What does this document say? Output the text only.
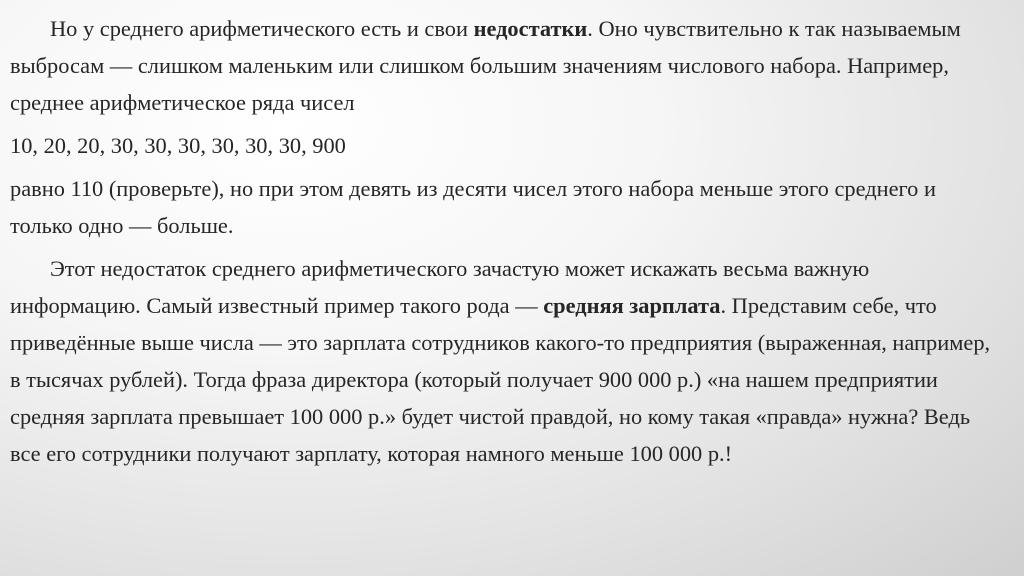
Но у среднего арифметического есть и свои недостатки. Оно чувствительно к так называемым выбросам — слишком маленьким или слишком большим значениям числового набора. Например, среднее арифметическое ряда чисел

10, 20, 20, 30, 30, 30, 30, 30, 30, 900

равно 110 (проверьте), но при этом девять из десяти чисел этого набора меньше этого среднего и только одно — больше.

Этот недостаток среднего арифметического зачастую может искажать весьма важную информацию. Самый известный пример такого рода — средняя зарплата. Представим себе, что приведённые выше числа — это зарплата сотрудников какого-то предприятия (выраженная, например, в тысячах рублей). Тогда фраза директора (который получает 900 000 р.) «на нашем предприятии средняя зарплата превышает 100 000 р.» будет чистой правдой, но кому такая «правда» нужна? Ведь все его сотрудники получают зарплату, которая намного меньше 100 000 р.!
